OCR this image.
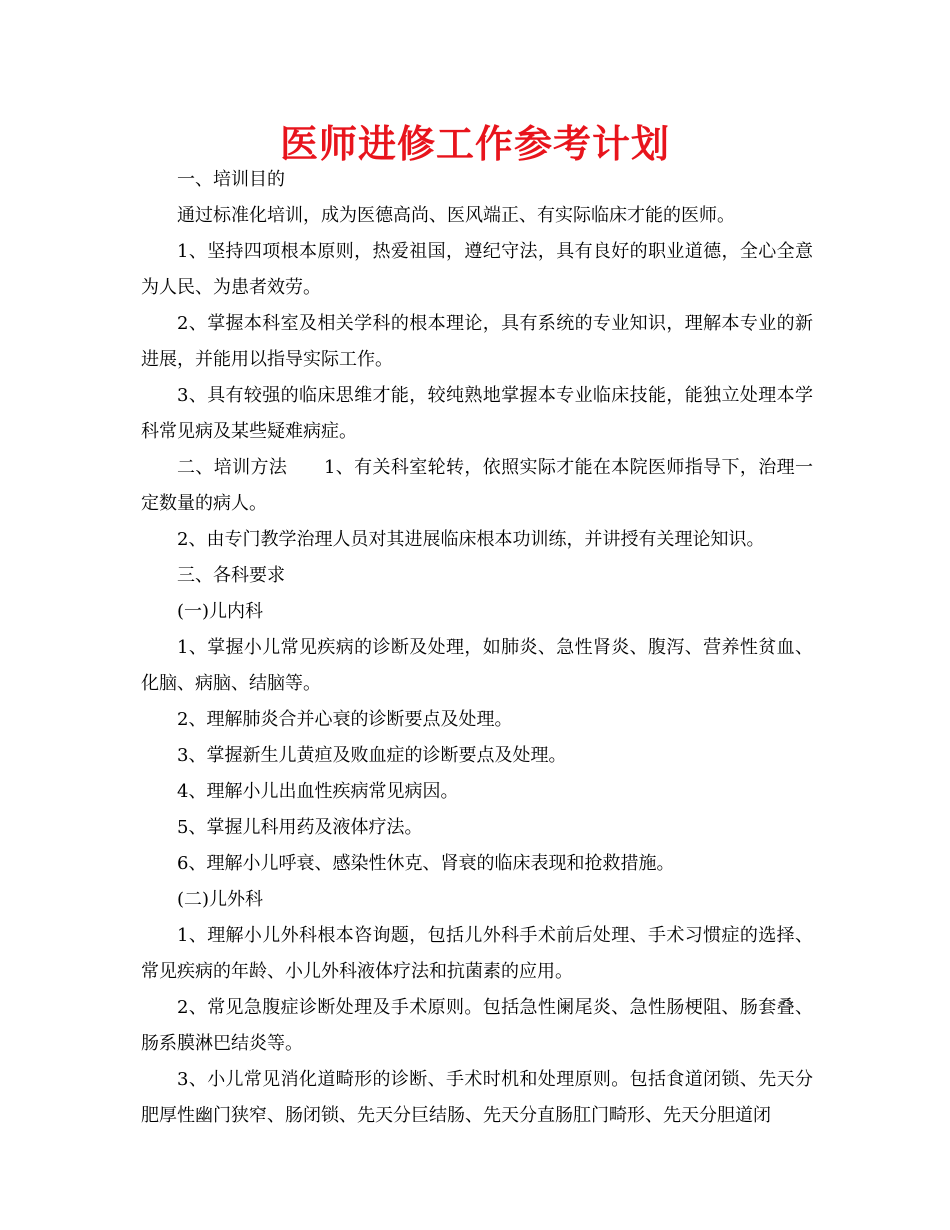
医师进修工作参考计划

一、培训目的

通过标准化培训，成为医德高尚、医风端正、有实际临床才能的医师。

1、坚持四项根本原则，热爱祖国，遵纪守法，具有良好的职业道德，全心全意为人民、为患者效劳。

2、掌握本科室及相关学科的根本理论，具有系统的专业知识，理解本专业的新进展，并能用以指导实际工作。

3、具有较强的临床思维才能，较纯熟地掌握本专业临床技能，能独立处理本学科常见病及某些疑难病症。

二、培训方法　　1、有关科室轮转，依照实际才能在本院医师指导下，治理一定数量的病人。

2、由专门教学治理人员对其进展临床根本功训练，并讲授有关理论知识。

三、各科要求

(一)儿内科

1、掌握小儿常见疾病的诊断及处理，如肺炎、急性肾炎、腹泻、营养性贫血、化脑、病脑、结脑等。

2、理解肺炎合并心衰的诊断要点及处理。

3、掌握新生儿黄疸及败血症的诊断要点及处理。

4、理解小儿出血性疾病常见病因。

5、掌握儿科用药及液体疗法。

6、理解小儿呼衰、感染性休克、肾衰的临床表现和抢救措施。

(二)儿外科

1、理解小儿外科根本咨询题，包括儿外科手术前后处理、手术习惯症的选择、常见疾病的年龄、小儿外科液体疗法和抗菌素的应用。

2、常见急腹症诊断处理及手术原则。包括急性阑尾炎、急性肠梗阻、肠套叠、肠系膜淋巴结炎等。

3、小儿常见消化道畸形的诊断、手术时机和处理原则。包括食道闭锁、先天分肥厚性幽门狭窄、肠闭锁、先天分巨结肠、先天分直肠肛门畸形、先天分胆道闭
